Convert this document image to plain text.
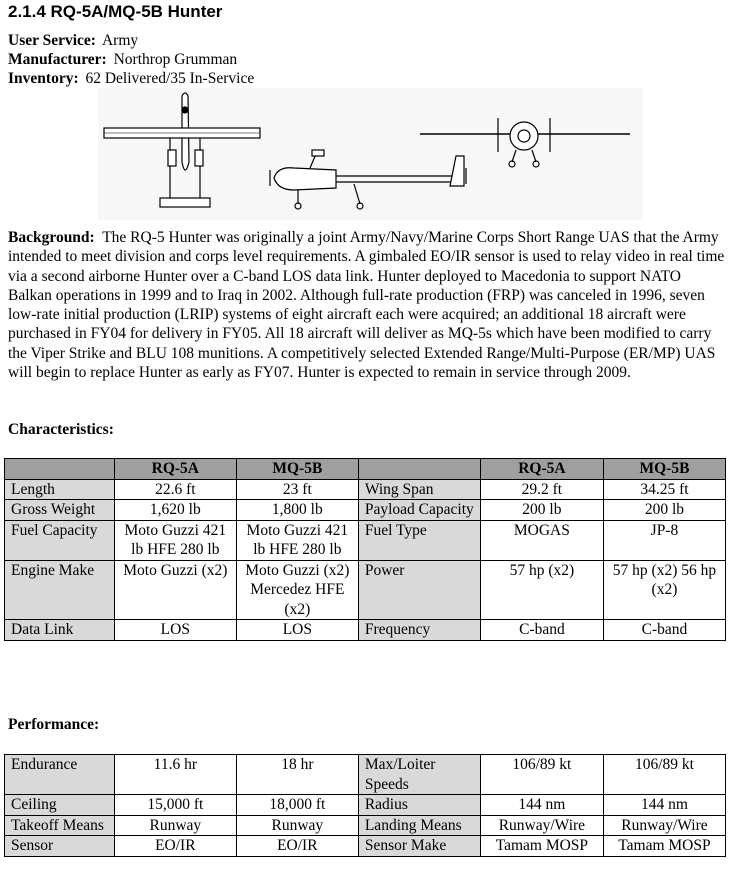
2.1.4 RQ-5A/MQ-5B Hunter
User Service: Army
Manufacturer: Northrop Grumman
Inventory: 62 Delivered/35 In-Service

Background: The RQ-5 Hunter was originally a joint Army/Navy/Marine Corps Short Range UAS that the Army intended to meet division and corps level requirements. A gimbaled EO/IR sensor is used to relay video in real time via a second airborne Hunter over a C-band LOS data link. Hunter deployed to Macedonia to support NATO Balkan operations in 1999 and to Iraq in 2002. Although full-rate production (FRP) was canceled in 1996, seven low-rate initial production (LRIP) systems of eight aircraft each were acquired; an additional 18 aircraft were purchased in FY04 for delivery in FY05. All 18 aircraft will deliver as MQ-5s which have been modified to carry the Viper Strike and BLU 108 munitions. A competitively selected Extended Range/Multi-Purpose (ER/MP) UAS will begin to replace Hunter as early as FY07. Hunter is expected to remain in service through 2009.

Characteristics:
	RQ-5A	MQ-5B		RQ-5A	MQ-5B
Length	22.6 ft	23 ft	Wing Span	29.2 ft	34.25 ft
Gross Weight	1,620 lb	1,800 lb	Payload Capacity	200 lb	200 lb
Fuel Capacity	Moto Guzzi 421 lb HFE 280 lb	Moto Guzzi 421 lb HFE 280 lb	Fuel Type	MOGAS	JP-8
Engine Make	Moto Guzzi (x2)	Moto Guzzi (x2) Mercedez HFE (x2)	Power	57 hp (x2)	57 hp (x2) 56 hp (x2)
Data Link	LOS	LOS	Frequency	C-band	C-band
Performance:
Endurance	11.6 hr	18 hr	Max/Loiter Speeds	106/89 kt	106/89 kt
Ceiling	15,000 ft	18,000 ft	Radius	144 nm	144 nm
Takeoff Means	Runway	Runway	Landing Means	Runway/Wire	Runway/Wire
Sensor	EO/IR	EO/IR	Sensor Make	Tamam MOSP	Tamam MOSP
